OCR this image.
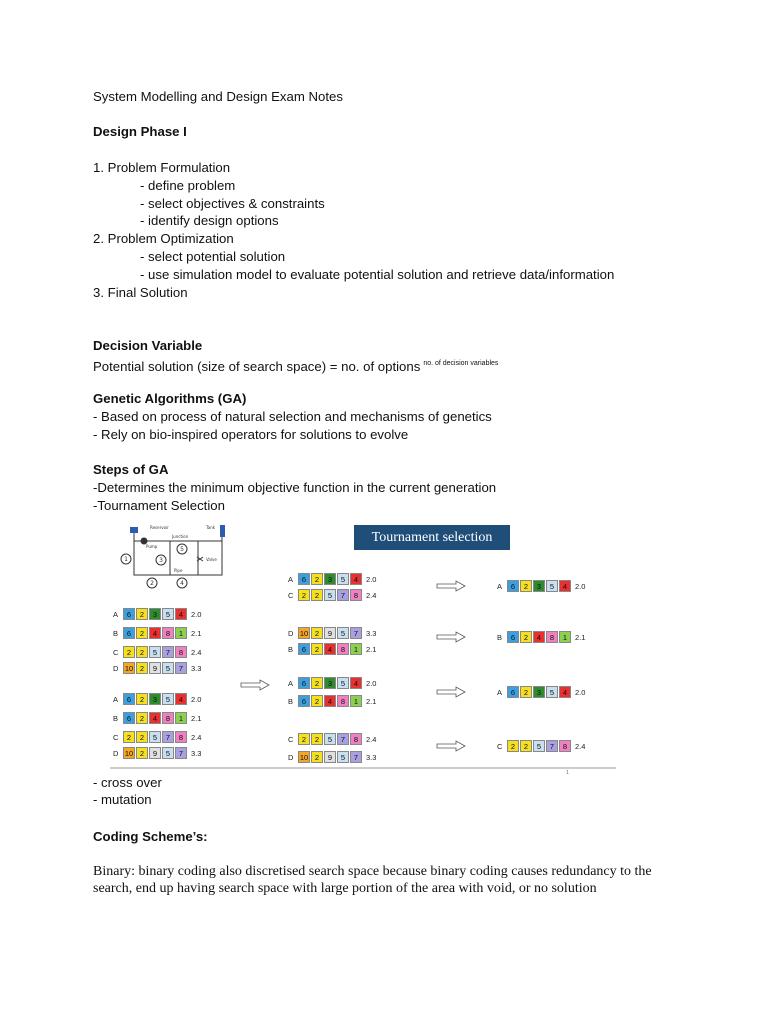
System Modelling and Design Exam Notes
Design Phase I
1. Problem Formulation
- define problem
- select objectives & constraints
- identify design options
2. Problem Optimization
- select potential solution
- use simulation model to evaluate potential solution and retrieve data/information
3. Final Solution
Decision Variable
Potential solution (size of search space) = no. of options $^{no. of decision variables}$
Genetic Algorithms (GA)
- Based on process of natural selection and mechanisms of genetics
- Rely on bio-inspired operators for solutions to evolve
Steps of GA
-Determines the minimum objective function in the current generation
-Tournament Selection
- cross over
- mutation
Coding Scheme’s:
Binary: binary coding also discretised search space because binary coding causes redundancy to the search, end up having search space with large portion of the area with void, or no solution
Reservoir	Tank
Junction
Pump
Valve
Pipe
1
2
3
4
5
1
Tournament selection
A	6	2	3	5	4	2.0
B	6	2	4	8	1	2.1
C	2	2	5	7	8	2.4
D 10 2	9	5	7	3.3
A	6	2	3	5	4	2.0
B	6	2	4	8	1	2.1
C	2	2	5	7	8	2.4
D 10 2	9	5	7	3.3
A	6	2	3	5	4	2.0
C	2	2	5	7	8	2.4
D 10 2	9	5	7	3.3
B	6	2	4	8	1	2.1
A	6	2	3	5	4	2.0
B	6	2	4	8	1	2.1
C	2	2	5	7	8	2.4
D 10 2	9	5	7	3.3
A	6	2	3	5	4	2.0
B	6	2	4	8	1	2.1
A	6	2	3	5	4	2.0
C	2	2	5	7	8	2.4
